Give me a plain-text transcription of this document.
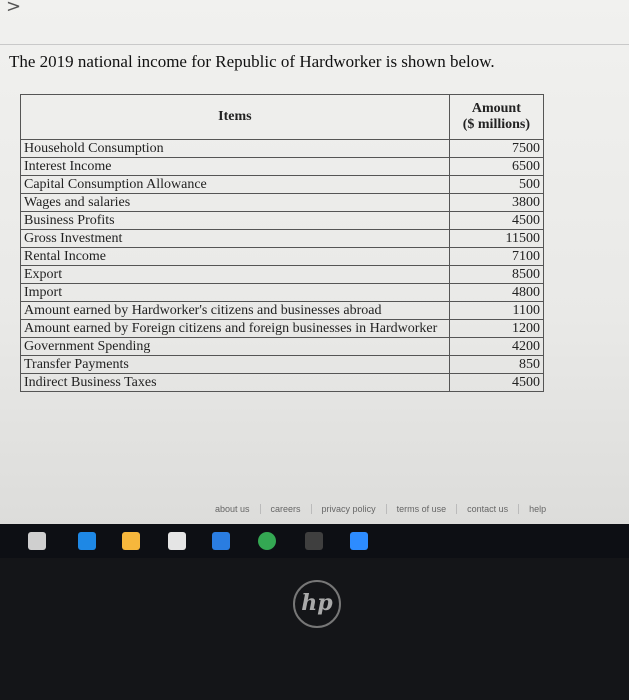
>
The 2019 national income for Republic of Hardworker is shown below.
Items	Amount
($ millions)

Household Consumption	7500
Interest Income	6500
Capital Consumption Allowance	500
Wages and salaries	3800
Business Profits	4500
Gross Investment	11500
Rental Income	7100
Export	8500
Import	4800
Amount earned by Hardworker's citizens and businesses abroad	1100
Amount earned by Foreign citizens and foreign businesses in Hardworker	1200
Government Spending	4200
Transfer Payments	850
Indirect Business Taxes	4500
about us	careers	privacy policy	terms of use	contact us	help
hp
